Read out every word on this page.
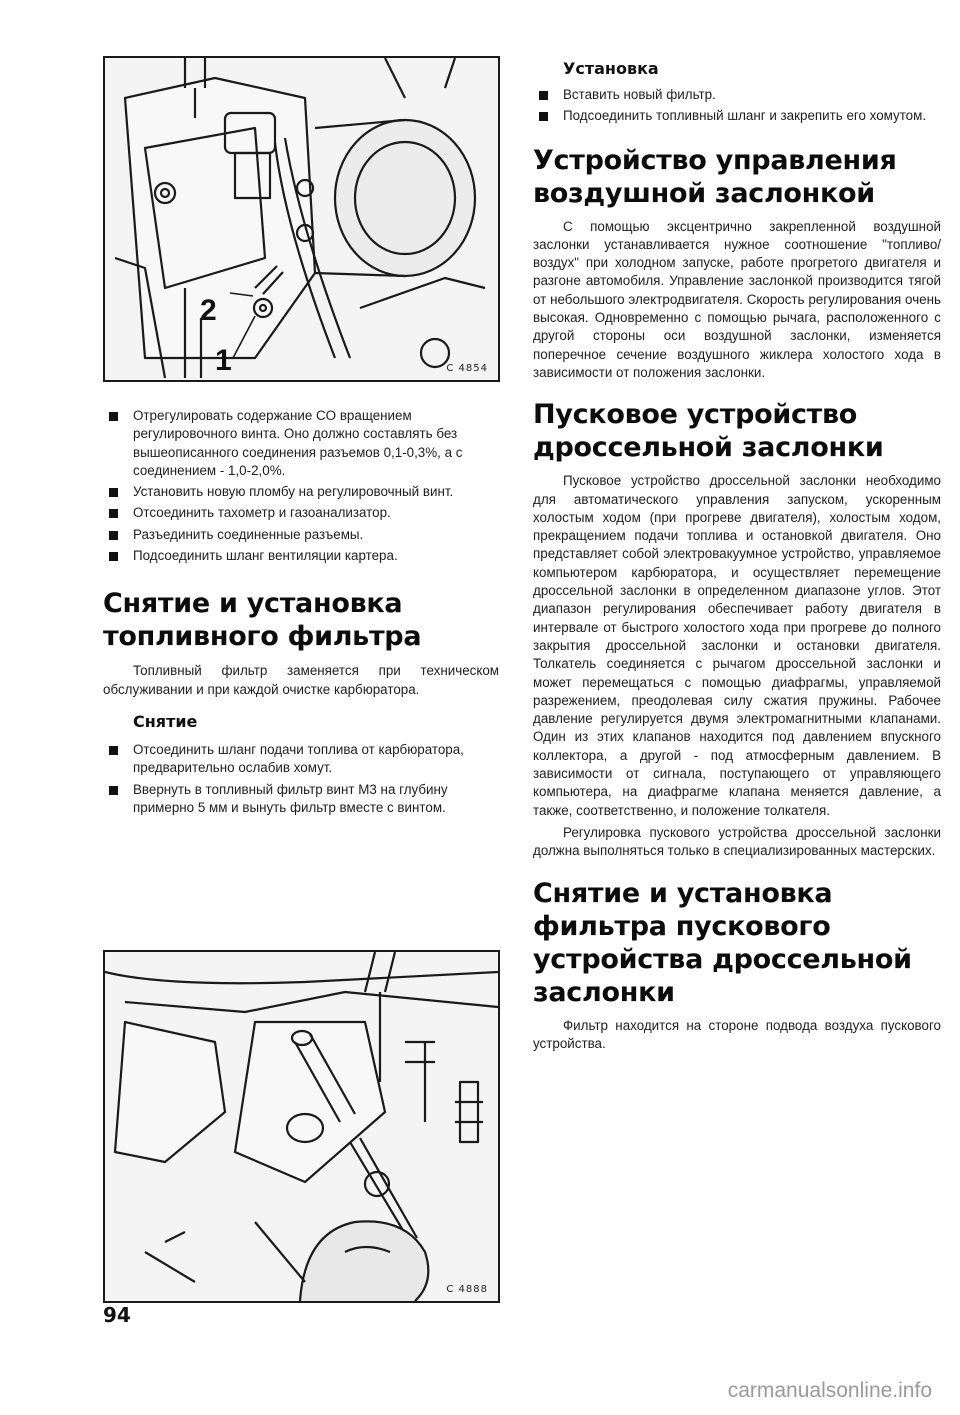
2
1	C 4854
C 4888
Отрегулировать содержание CO вращением регулировочного винта. Оно должно составлять без вышеописанного соединения разъемов 0,1-0,3%, а с соединением - 1,0-2,0%.
Установить новую пломбу на регулировочный винт.
Отсоединить тахометр и газоанализатор.
Разъединить соединенные разъемы.
Подсоединить шланг вентиляции картера.
Снятие и установка топливного фильтра

Топливный фильтр заменяется при техническом обслуживании и при каждой очистке карбюратора.

Снятие
Отсоединить шланг подачи топлива от карбюратора, предварительно ослабив хомут.
Ввернуть в топливный фильтр винт М3 на глубину примерно 5 мм и вынуть фильтр вместе с винтом.
Установка
Вставить новый фильтр.
Подсоединить топливный шланг и закрепить его хомутом.
Устройство управления воздушной заслонкой

С помощью эксцентрично закрепленной воздушной заслонки устанавливается нужное соотношение "топливо/воздух" при холодном запуске, работе прогретого двигателя и разгоне автомобиля. Управление заслонкой производится тягой от небольшого электродвигателя. Скорость регулирования очень высокая. Одновременно с помощью рычага, расположенного с другой стороны оси воздушной заслонки, изменяется поперечное сечение воздушного жиклера холостого хода в зависимости от положения заслонки.

Пусковое устройство дроссельной заслонки

Пусковое устройство дроссельной заслонки необходимо для автоматического управления запуском, ускоренным холостым ходом (при прогреве двигателя), холостым ходом, прекращением подачи топлива и остановкой двигателя. Оно представляет собой электровакуумное устройство, управляемое компьютером карбюратора, и осуществляет перемещение дроссельной заслонки в определенном диапазоне углов. Этот диапазон регулирования обеспечивает работу двигателя в интервале от быстрого холостого хода при прогреве до полного закрытия дроссельной заслонки и остановки двигателя. Толкатель соединяется с рычагом дроссельной заслонки и может перемещаться с помощью диафрагмы, управляемой разрежением, преодолевая силу сжатия пружины. Рабочее давление регулируется двумя электромагнитными клапанами. Один из этих клапанов находится под давлением впускного коллектора, а другой - под атмосферным давлением. В зависимости от сигнала, поступающего от управляющего компьютера, на диафрагме клапана меняется давление, а также, соответственно, и положение толкателя.

Регулировка пускового устройства дроссельной заслонки должна выполняться только в специализированных мастерских.

Снятие и установка фильтра пускового устройства дроссельной заслонки

Фильтр находится на стороне подвода воздуха пускового устройства.

94
carmanualsonline.info
